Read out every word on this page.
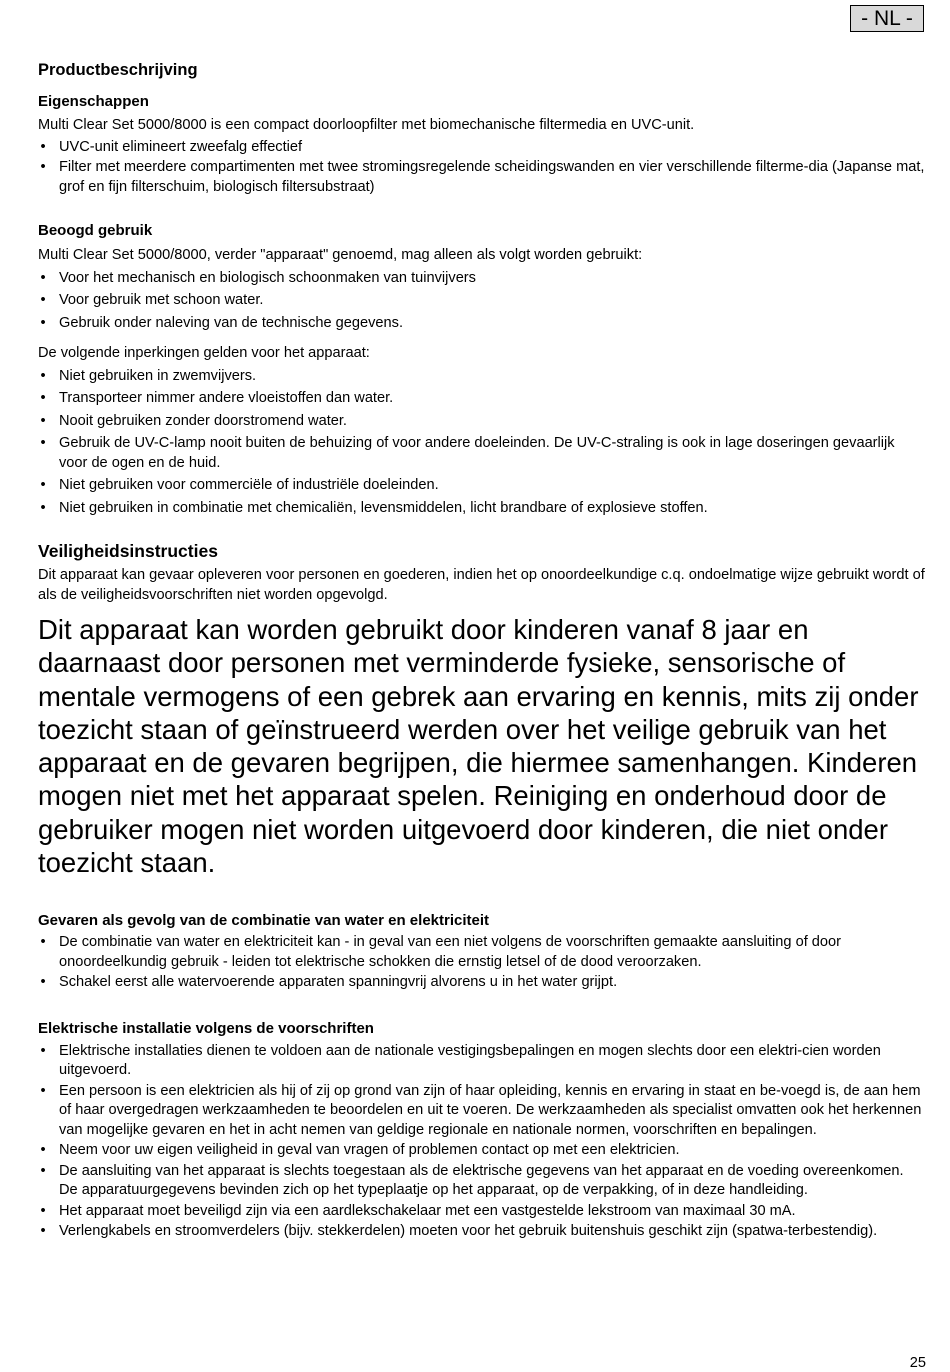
- NL -
Productbeschrijving
Eigenschappen

Multi Clear Set 5000/8000 is een compact doorloopfilter met biomechanische filtermedia en UVC-unit.

• UVC-unit elimineert zweefalg effectief
• Filter met meerdere compartimenten met twee stromingsregelende scheidingswanden en vier verschillende filterme-dia (Japanse mat, grof en fijn filterschuim, biologisch filtersubstraat)
Beoogd gebruik

Multi Clear Set 5000/8000, verder "apparaat" genoemd, mag alleen als volgt worden gebruikt:

• Voor het mechanisch en biologisch schoonmaken van tuinvijvers
• Voor gebruik met schoon water.
• Gebruik onder naleving van de technische gegevens.

De volgende inperkingen gelden voor het apparaat:

• Niet gebruiken in zwemvijvers.
• Transporteer nimmer andere vloeistoffen dan water.
• Nooit gebruiken zonder doorstromend water.
• Gebruik de UV-C-lamp nooit buiten de behuizing of voor andere doeleinden. De UV-C-straling is ook in lage doseringen gevaarlijk voor de ogen en de huid.
• Niet gebruiken voor commerciële of industriële doeleinden.
• Niet gebruiken in combinatie met chemicaliën, levensmiddelen, licht brandbare of explosieve stoffen.
Veiligheidsinstructies

Dit apparaat kan gevaar opleveren voor personen en goederen, indien het op onoordeelkundige c.q. ondoelmatige wijze gebruikt wordt of als de veiligheidsvoorschriften niet worden opgevolgd.

Dit apparaat kan worden gebruikt door kinderen vanaf 8 jaar en daarnaast door personen met verminderde fysieke, sensorische of mentale vermogens of een gebrek aan ervaring en kennis, mits zij onder toezicht staan of geïnstrueerd werden over het veilige gebruik van het apparaat en de gevaren begrijpen, die hiermee samenhangen. Kinderen mogen niet met het apparaat spelen. Reiniging en onderhoud door de gebruiker mogen niet worden uitgevoerd door kinderen, die niet onder toezicht staan.

Gevaren als gevolg van de combinatie van water en elektriciteit
• De combinatie van water en elektriciteit kan - in geval van een niet volgens de voorschriften gemaakte aansluiting of door onoordeelkundig gebruik - leiden tot elektrische schokken die ernstig letsel of de dood veroorzaken.
• Schakel eerst alle watervoerende apparaten spanningvrij alvorens u in het water grijpt.
Elektrische installatie volgens de voorschriften
• Elektrische installaties dienen te voldoen aan de nationale vestigingsbepalingen en mogen slechts door een elektri-cien worden uitgevoerd.
• Een persoon is een elektricien als hij of zij op grond van zijn of haar opleiding, kennis en ervaring in staat en be-voegd is, de aan hem of haar overgedragen werkzaamheden te beoordelen en uit te voeren. De werkzaamheden als specialist omvatten ook het herkennen van mogelijke gevaren en het in acht nemen van geldige regionale en nationale normen, voorschriften en bepalingen.
• Neem voor uw eigen veiligheid in geval van vragen of problemen contact op met een elektricien.
• De aansluiting van het apparaat is slechts toegestaan als de elektrische gegevens van het apparaat en de voeding overeenkomen. De apparatuurgegevens bevinden zich op het typeplaatje op het apparaat, op de verpakking, of in deze handleiding.
• Het apparaat moet beveiligd zijn via een aardlekschakelaar met een vastgestelde lekstroom van maximaal 30 mA.
• Verlengkabels en stroomverdelers (bijv. stekkerdelen) moeten voor het gebruik buitenshuis geschikt zijn (spatwa-terbestendig).
25
